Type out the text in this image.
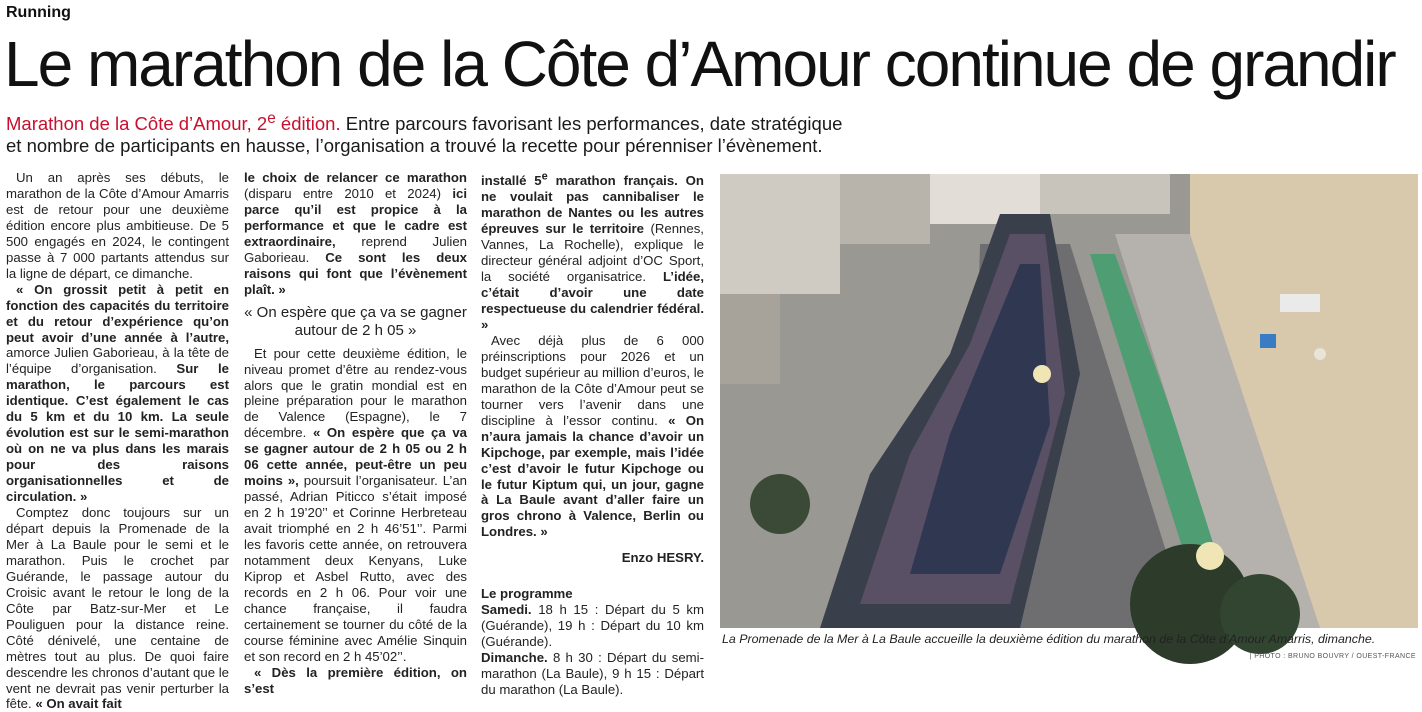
Running
Le marathon de la Côte d’Amour continue de grandir
Marathon de la Côte d’Amour, 2e édition. Entre parcours favorisant les performances, date stratégique
et nombre de participants en hausse, l’organisation a trouvé la recette pour pérenniser l’évènement.

Un an après ses débuts, le marathon de la Côte d’Amour Amarris est de retour pour une deuxième édition encore plus ambitieuse. De 5 500 engagés en 2024, le contingent passe à 7 000 partants attendus sur la ligne de départ, ce dimanche.

« On grossit petit à petit en fonction des capacités du territoire et du retour d’expérience qu’on peut avoir d’une année à l’autre, amorce Julien Gaborieau, à la tête de l’équipe d’organisation. Sur le marathon, le parcours est identique. C’est également le cas du 5 km et du 10 km. La seule évolution est sur le semi-marathon où on ne va plus dans les marais pour des raisons organisationnelles et de circulation. »

Comptez donc toujours sur un départ depuis la Promenade de la Mer à La Baule pour le semi et le marathon. Puis le crochet par Guérande, le passage autour du Croisic avant le retour le long de la Côte par Batz-sur-Mer et Le Pouliguen pour la distance reine. Côté dénivelé, une centaine de mètres tout au plus. De quoi faire descendre les chronos d’autant que le vent ne devrait pas venir perturber la fête. « On avait fait

le choix de relancer ce marathon (disparu entre 2010 et 2024) ici parce qu’il est propice à la performance et que le cadre est extraordinaire, reprend Julien Gaborieau. Ce sont les deux raisons qui font que l’évènement plaît. »

« On espère que ça va se gagner autour de 2 h 05 »

Et pour cette deuxième édition, le niveau promet d’être au rendez-vous alors que le gratin mondial est en pleine préparation pour le marathon de Valence (Espagne), le 7 décembre. « On espère que ça va se gagner autour de 2 h 05 ou 2 h 06 cette année, peut-être un peu moins », poursuit l’organisateur. L’an passé, Adrian Piticco s’était imposé en 2 h 19’20’’ et Corinne Herbreteau avait triomphé en 2 h 46’51’’. Parmi les favoris cette année, on retrouvera notamment deux Kenyans, Luke Kiprop et Asbel Rutto, avec des records en 2 h 06. Pour voir une chance française, il faudra certainement se tourner du côté de la course féminine avec Amélie Sinquin et son record en 2 h 45’02’’.

« Dès la première édition, on s’est

installé 5e marathon français. On ne voulait pas cannibaliser le marathon de Nantes ou les autres épreuves sur le territoire (Rennes, Vannes, La Rochelle), explique le directeur général adjoint d’OC Sport, la société organisatrice. L’idée, c’était d’avoir une date respectueuse du calendrier fédéral. »

Avec déjà plus de 6 000 préinscriptions pour 2026 et un budget supérieur au million d’euros, le marathon de la Côte d’Amour peut se tourner vers l’avenir dans une discipline à l’essor continu. « On n’aura jamais la chance d’avoir un Kipchoge, par exemple, mais l’idée c’est d’avoir le futur Kipchoge ou le futur Kiptum qui, un jour, gagne à La Baule avant d’aller faire un gros chrono à Valence, Berlin ou Londres. »

Enzo HESRY.

Le programme

Samedi. 18 h 15 : Départ du 5 km (Guérande), 19 h : Départ du 10 km (Guérande).

Dimanche. 8 h 30 : Départ du semi-marathon (La Baule), 9 h 15 : Départ du marathon (La Baule).

La Promenade de la Mer à La Baule accueille la deuxième édition du marathon de la Côte d’Amour Amarris, dimanche.
| PHOTO : BRUNO BOUVRY / OUEST-FRANCE
